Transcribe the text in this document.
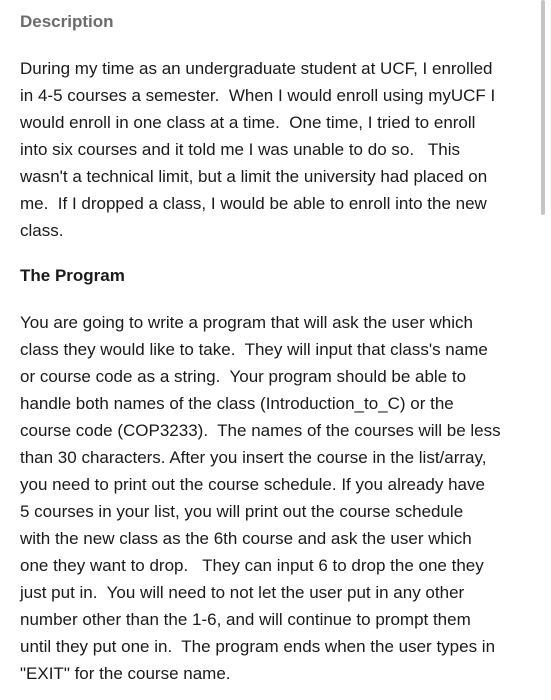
Description

During my time as an undergraduate student at UCF, I enrolled
in 4-5 courses a semester.  When I would enroll using myUCF I
would enroll in one class at a time.  One time, I tried to enroll
into six courses and it told me I was unable to do so.   This
wasn't a technical limit, but a limit the university had placed on
me.  If I dropped a class, I would be able to enroll into the new
class.

The Program

You are going to write a program that will ask the user which
class they would like to take.  They will input that class's name
or course code as a string.  Your program should be able to
handle both names of the class (Introduction_to_C) or the
course code (COP3233).  The names of the courses will be less
than 30 characters. After you insert the course in the list/array,
you need to print out the course schedule. If you already have
5 courses in your list, you will print out the course schedule
with the new class as the 6th course and ask the user which
one they want to drop.   They can input 6 to drop the one they
just put in.  You will need to not let the user put in any other
number other than the 1-6, and will continue to prompt them
until they put one in.  The program ends when the user types in
"EXIT" for the course name.
